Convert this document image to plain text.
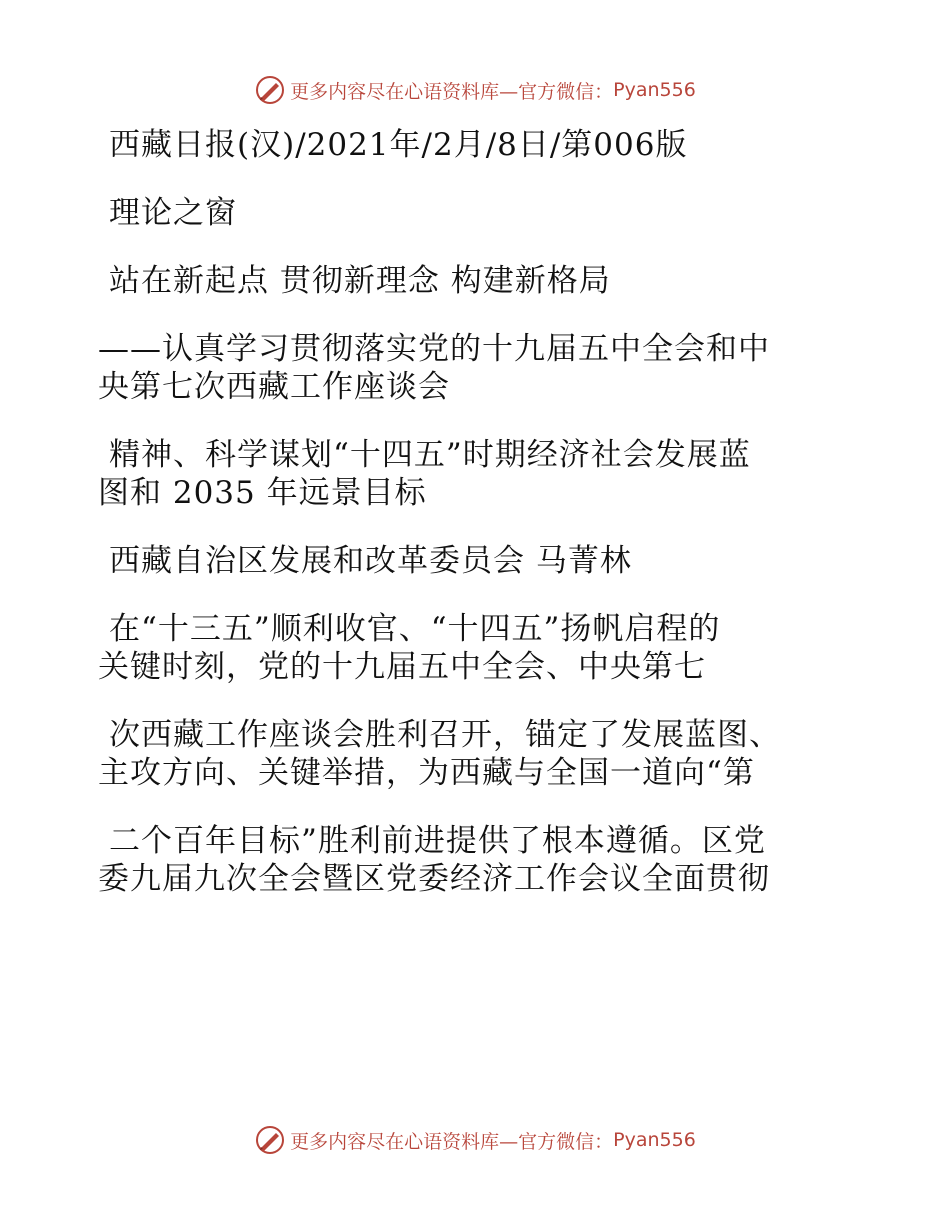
更多内容尽在心语资料库—官方微信： Pyan556
西藏日报(汉)/2021年/2月/8日/第006版
理论之窗
站在新起点 贯彻新理念 构建新格局
——认真学习贯彻落实党的十九届五中全会和中
央第七次西藏工作座谈会
精神、科学谋划“十四五”时期经济社会发展蓝
图和 2035 年远景目标
西藏自治区发展和改革委员会 马菁林
在“十三五”顺利收官、“十四五”扬帆启程的
关键时刻，党的十九届五中全会、中央第七
次西藏工作座谈会胜利召开，锚定了发展蓝图、
主攻方向、关键举措，为西藏与全国一道向“第
二个百年目标”胜利前进提供了根本遵循。区党
委九届九次全会暨区党委经济工作会议全面贯彻
更多内容尽在心语资料库—官方微信： Pyan556
